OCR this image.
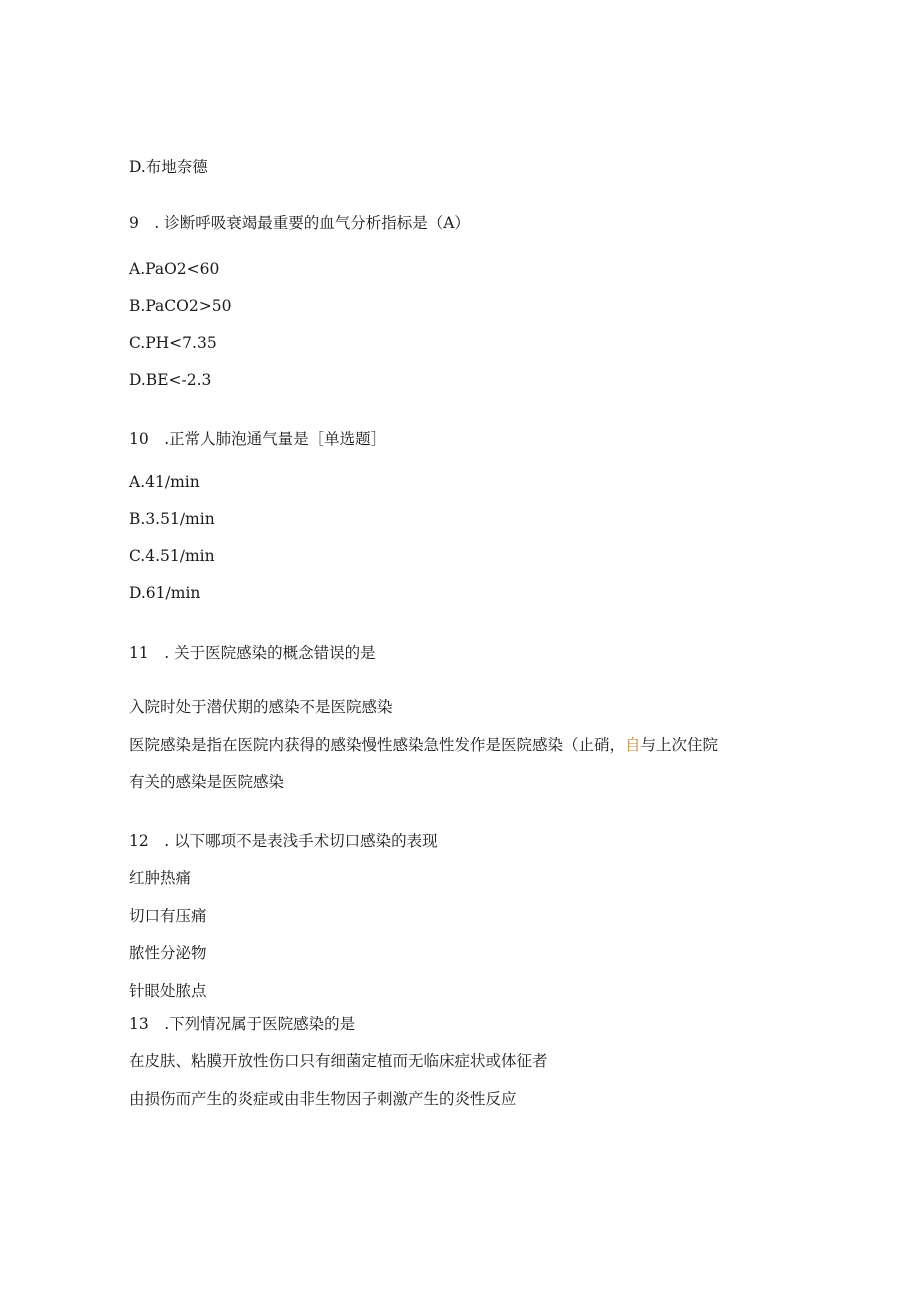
D.布地奈德
9　. 诊断呼吸衰竭最重要的血气分析指标是（A）
A.PaO2<60
B.PaCO2>50
C.PH<7.35
D.BE<-2.3
10　.正常人肺泡通气量是［单选题］
A.41∕min
B.3.51∕min
C.4.51∕min
D.61∕min
11　. 关于医院感染的概念错误的是
入院时处于潜伏期的感染不是医院感染
医院感染是指在医院内获得的感染慢性感染急性发作是医院感染（止硝，自与上次住院
有关的感染是医院感染
12　. 以下哪项不是表浅手术切口感染的表现
红肿热痛
切口有压痛
脓性分泌物
针眼处脓点
13　.下列情况属于医院感染的是
在皮肤、粘膜开放性伤口只有细菌定植而无临床症状或体征者
由损伤而产生的炎症或由非生物因子刺激产生的炎性反应
